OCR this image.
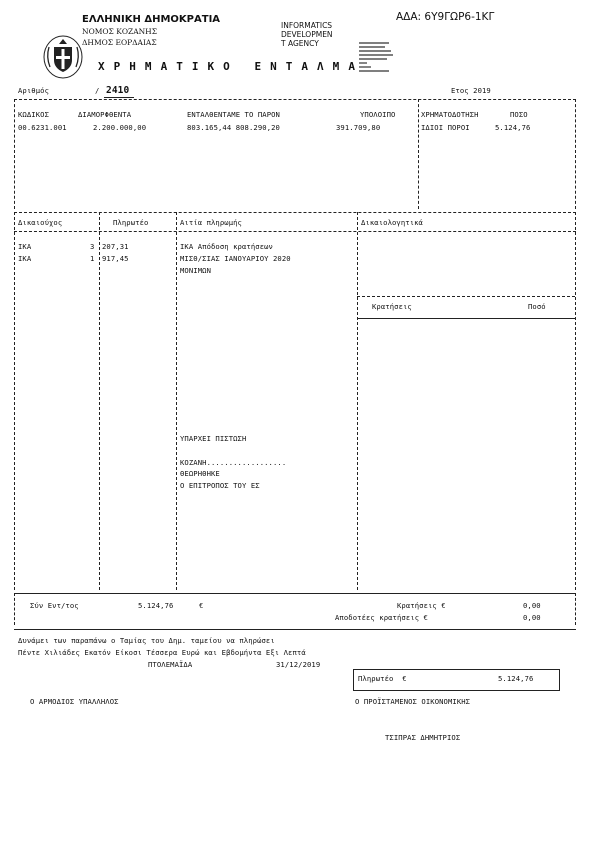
ΕΛΛΗΝΙΚΗ ΔΗΜΟΚΡΑΤΙΑ
ΝΟΜΟΣ ΚΟΖΑΝΗΣ
ΔΗΜΟΣ ΕΟΡΔΑΙΑΣ
INFORMATICS
DEVELOPMEN
T AGENCY

ΑΔΑ: 6Υ9ΓΩΡ6-1ΚΓ
Χ Ρ Η Μ Α Τ Ι Κ Ο   Ε Ν Τ Α Λ Μ Α
Αριθμός	/ 2410	Ετος 2019
ΚΩΔΙΚΟΣ	ΔΙΑΜΟΡΦΘΕΝΤΑ	ΕΝΤΑΛΘΕΝΤΑΜΕ ΤΟ ΠΑΡΟΝ	ΥΠΟΛΟΙΠΟ	ΧΡΗΜΑΤΟΔΟΤΗΣΗ	ΠΟΣΟ
00.6231.001	2.200.000,00	803.165,44 808.290,20	391.709,80	ΙΔΙΟΙ ΠΟΡΟΙ	5.124,76
Δικαιούχος	Πληρωτέο	Αιτία πληρωμής	Δικαιολογητικά
ΙΚΑ	3 207,31
ΙΚΑ	1 917,45
ΙΚΑ Απόδοση κρατήσεων
ΜΙΣΘ/ΣΙΑΣ ΙΑΝΟΥΑΡΙΟΥ 2020
ΜΟΝΙΜΩΝ
Κρατήσεις	Ποσό
ΥΠΑΡΧΕΙ ΠΙΣΤΩΣΗ
ΚΟΖΑΝΗ..................
ΘΕΩΡΗΘΗΚΕ
Ο ΕΠΙΤΡΟΠΟΣ ΤΟΥ ΕΣ
Σύν Εντ/τος	5.124,76	€	Κρατήσεις €	0,00
Αποδοτέες κρατήσεις €	0,00
Δυνάμει των παραπάνω ο Ταμίας του Δημ. ταμείου να πληρώσει
Πέντε Χιλιάδες Εκατόν Είκοσι Τέσσερα Ευρώ και Εβδομήντα Εξι Λεπτά
ΠΤΟΛΕΜΑΪΔΑ	31/12/2019
Πληρωτέο  €	5.124,76
Ο ΑΡΜΟΔΙΟΣ ΥΠΑΛΛΗΛΟΣ	Ο ΠΡΟΪΣΤΑΜΕΝΟΣ ΟΙΚΟΝΟΜΙΚΗΣ
ΤΣΙΠΡΑΣ ΔΗΜΗΤΡΙΟΣ
